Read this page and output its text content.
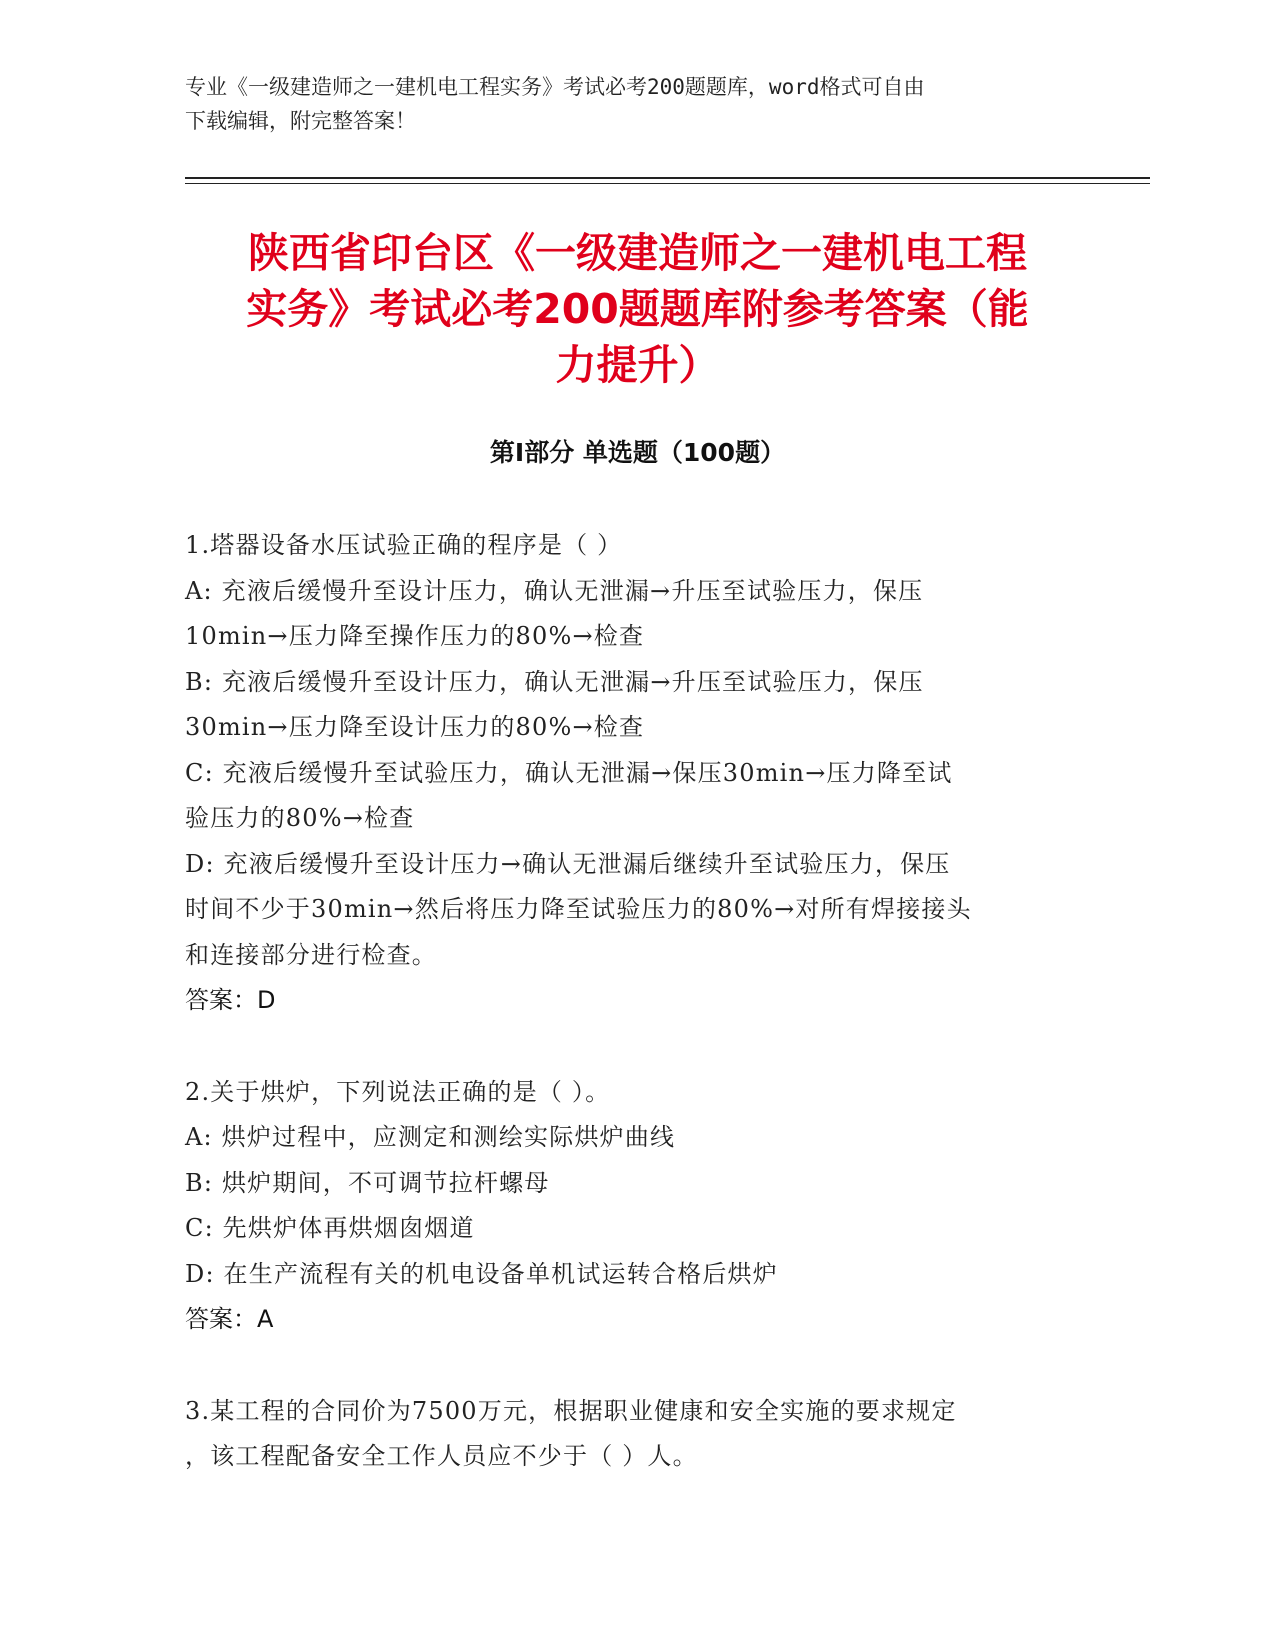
专业《一级建造师之一建机电工程实务》考试必考200题题库，word格式可自由
下载编辑，附完整答案！
陕西省印台区《一级建造师之一建机电工程
实务》考试必考200题题库附参考答案（能
力提升）
第Ⅰ部分 单选题（100题）

1.塔器设备水压试验正确的程序是（ ）

A: 充液后缓慢升至设计压力，确认无泄漏→升压至试验压力，保压

10min→压力降至操作压力的80%→检查

B: 充液后缓慢升至设计压力，确认无泄漏→升压至试验压力，保压

30min→压力降至设计压力的80%→检查

C: 充液后缓慢升至试验压力，确认无泄漏→保压30min→压力降至试

验压力的80%→检查

D: 充液后缓慢升至设计压力→确认无泄漏后继续升至试验压力，保压

时间不少于30min→然后将压力降至试验压力的80%→对所有焊接接头

和连接部分进行检查。

答案：D

2.关于烘炉，下列说法正确的是（ ）。

A: 烘炉过程中，应测定和测绘实际烘炉曲线

B: 烘炉期间，不可调节拉杆螺母

C: 先烘炉体再烘烟囱烟道

D: 在生产流程有关的机电设备单机试运转合格后烘炉

答案：A

3.某工程的合同价为7500万元，根据职业健康和安全实施的要求规定

，该工程配备安全工作人员应不少于（ ）人。
